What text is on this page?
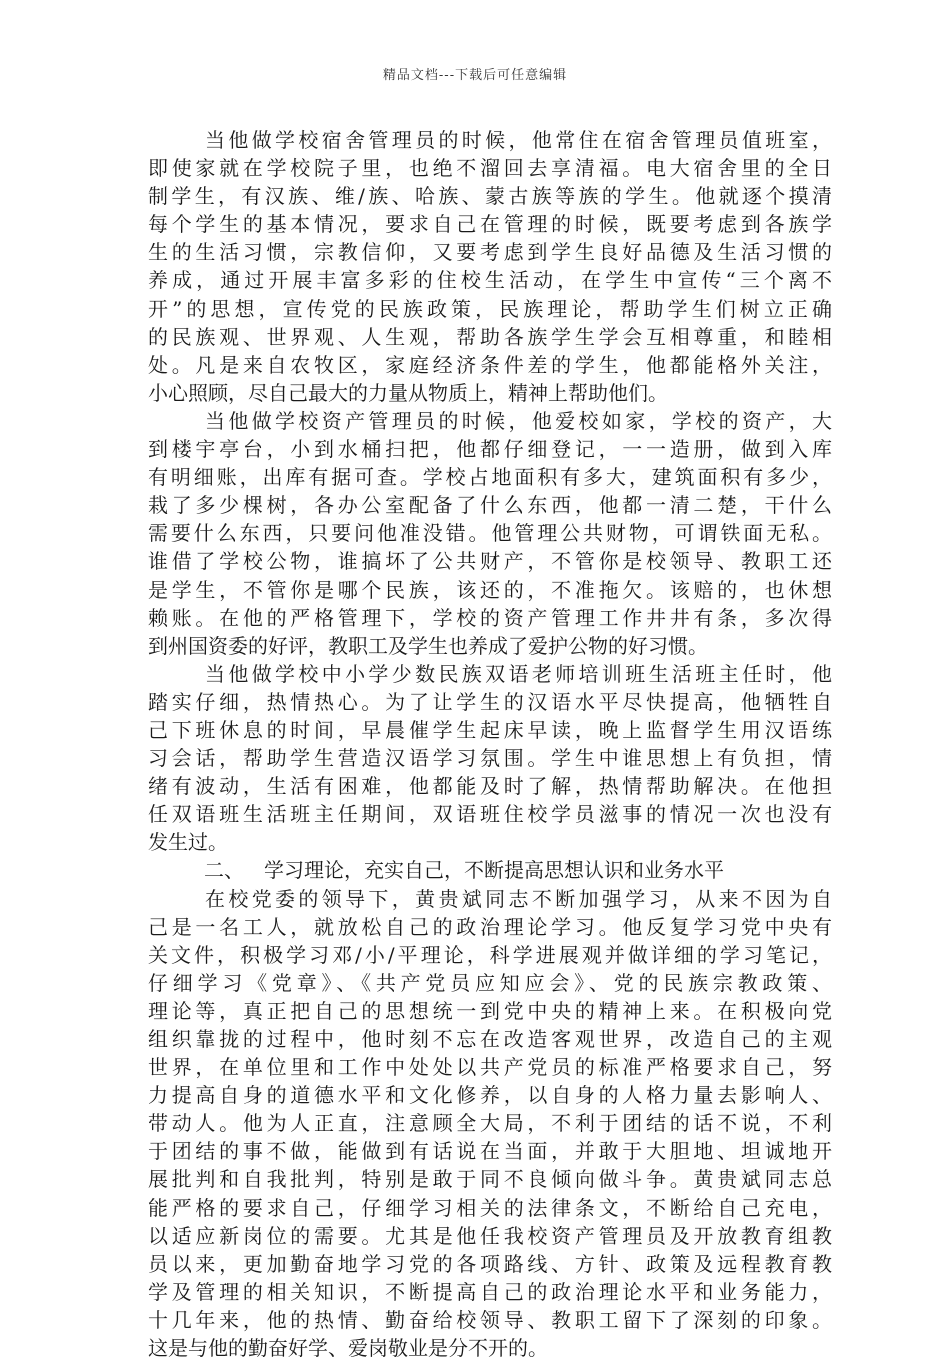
精品文档---下载后可任意编辑
当他做学校宿舍管理员的时候，他常住在宿舍管理员值班室，
即使家就在学校院子里，也绝不溜回去享清福。电大宿舍里的全日
制学生，有汉族、维/族、哈族、蒙古族等族的学生。他就逐个摸清
每个学生的基本情况，要求自己在管理的时候，既要考虑到各族学
生的生活习惯，宗教信仰，又要考虑到学生良好品德及生活习惯的
养成，通过开展丰富多彩的住校生活动，在学生中宣传“三个离不
开”的思想，宣传党的民族政策，民族理论，帮助学生们树立正确
的民族观、世界观、人生观，帮助各族学生学会互相尊重，和睦相
处。凡是来自农牧区，家庭经济条件差的学生，他都能格外关注，
小心照顾，尽自己最大的力量从物质上，精神上帮助他们。
当他做学校资产管理员的时候，他爱校如家，学校的资产，大
到楼宇亭台，小到水桶扫把，他都仔细登记，一一造册，做到入库
有明细账，出库有据可查。学校占地面积有多大，建筑面积有多少，
栽了多少棵树，各办公室配备了什么东西，他都一清二楚，干什么
需要什么东西，只要问他准没错。他管理公共财物，可谓铁面无私。
谁借了学校公物，谁搞坏了公共财产，不管你是校领导、教职工还
是学生，不管你是哪个民族，该还的，不准拖欠。该赔的，也休想
赖账。在他的严格管理下，学校的资产管理工作井井有条，多次得
到州国资委的好评，教职工及学生也养成了爱护公物的好习惯。
当他做学校中小学少数民族双语老师培训班生活班主任时，他
踏实仔细，热情热心。为了让学生的汉语水平尽快提高，他牺牲自
己下班休息的时间，早晨催学生起床早读，晚上监督学生用汉语练
习会话，帮助学生营造汉语学习氛围。学生中谁思想上有负担，情
绪有波动，生活有困难，他都能及时了解，热情帮助解决。在他担
任双语班生活班主任期间，双语班住校学员滋事的情况一次也没有
发生过。
二、 学习理论，充实自己，不断提高思想认识和业务水平
在校党委的领导下，黄贵斌同志不断加强学习，从来不因为自
己是一名工人，就放松自己的政治理论学习。他反复学习党中央有
关文件，积极学习邓/小/平理论，科学进展观并做详细的学习笔记，
仔细学习《党章》、《共产党员应知应会》、党的民族宗教政策、
理论等，真正把自己的思想统一到党中央的精神上来。在积极向党
组织靠拢的过程中，他时刻不忘在改造客观世界，改造自己的主观
世界，在单位里和工作中处处以共产党员的标准严格要求自己，努
力提高自身的道德水平和文化修养，以自身的人格力量去影响人、
带动人。他为人正直，注意顾全大局，不利于团结的话不说，不利
于团结的事不做，能做到有话说在当面，并敢于大胆地、坦诚地开
展批判和自我批判，特别是敢于同不良倾向做斗争。黄贵斌同志总
能严格的要求自己，仔细学习相关的法律条文，不断给自己充电，
以适应新岗位的需要。尤其是他任我校资产管理员及开放教育组教
员以来，更加勤奋地学习党的各项路线、方针、政策及远程教育教
学及管理的相关知识，不断提高自己的政治理论水平和业务能力，
十几年来，他的热情、勤奋给校领导、教职工留下了深刻的印象。
这是与他的勤奋好学、爱岗敬业是分不开的。
